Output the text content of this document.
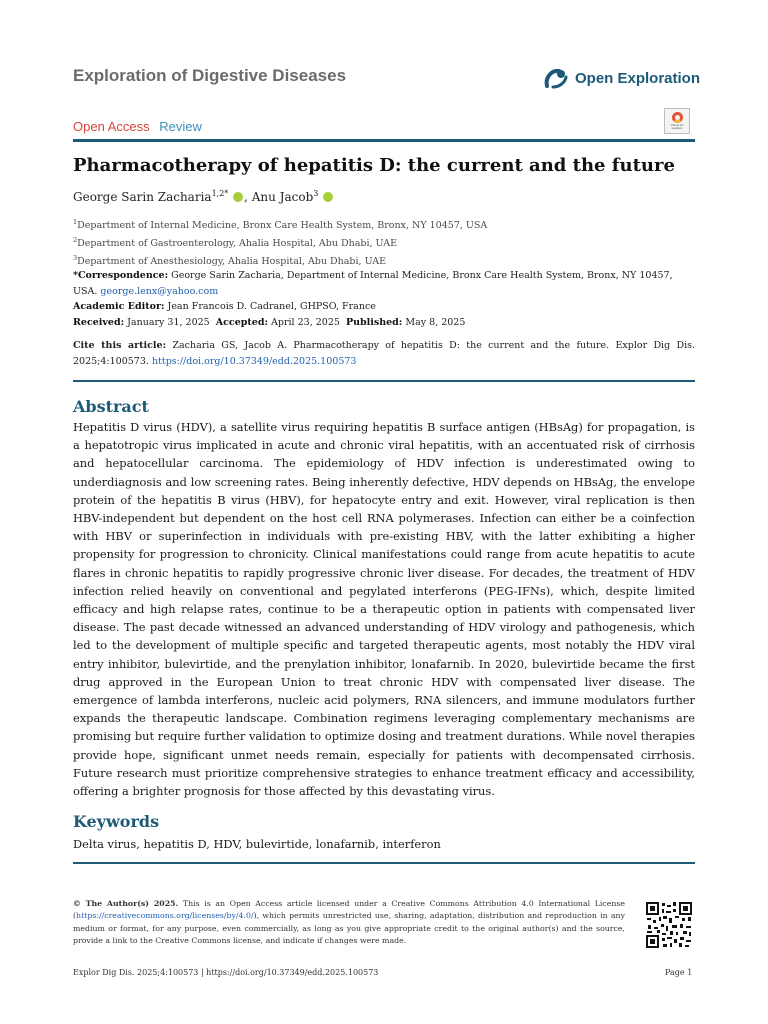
Exploration of Digestive Diseases	Open Exploration
Open Access Review	Check for updates
Pharmacotherapy of hepatitis D: the current and the future
George Sarin Zacharia$^{1,2*}$ , Anu Jacob$^3$
$^1$Department of Internal Medicine, Bronx Care Health System, Bronx, NY 10457, USA
$^2$Department of Gastroenterology, Ahalia Hospital, Abu Dhabi, UAE
$^3$Department of Anesthesiology, Ahalia Hospital, Abu Dhabi, UAE
*Correspondence: George Sarin Zacharia, Department of Internal Medicine, Bronx Care Health System, Bronx, NY 10457, USA. george.lenx@yahoo.com
Academic Editor: Jean Francois D. Cadranel, GHPSO, France
Received: January 31, 2025 Accepted: April 23, 2025 Published: May 8, 2025
Cite this article: Zacharia GS, Jacob A. Pharmacotherapy of hepatitis D: the current and the future. Explor Dig Dis. 2025;4:100573. https://doi.org/10.37349/edd.2025.100573
Abstract
Hepatitis D virus (HDV), a satellite virus requiring hepatitis B surface antigen (HBsAg) for propagation, is a hepatotropic virus implicated in acute and chronic viral hepatitis, with an accentuated risk of cirrhosis and hepatocellular carcinoma. The epidemiology of HDV infection is underestimated owing to underdiagnosis and low screening rates. Being inherently defective, HDV depends on HBsAg, the envelope protein of the hepatitis B virus (HBV), for hepatocyte entry and exit. However, viral replication is then HBV-independent but dependent on the host cell RNA polymerases. Infection can either be a coinfection with HBV or superinfection in individuals with pre-existing HBV, with the latter exhibiting a higher propensity for progression to chronicity. Clinical manifestations could range from acute hepatitis to acute flares in chronic hepatitis to rapidly progressive chronic liver disease. For decades, the treatment of HDV infection relied heavily on conventional and pegylated interferons (PEG-IFNs), which, despite limited efficacy and high relapse rates, continue to be a therapeutic option in patients with compensated liver disease. The past decade witnessed an advanced understanding of HDV virology and pathogenesis, which led to the development of multiple specific and targeted therapeutic agents, most notably the HDV viral entry inhibitor, bulevirtide, and the prenylation inhibitor, lonafarnib. In 2020, bulevirtide became the first drug approved in the European Union to treat chronic HDV with compensated liver disease. The emergence of lambda interferons, nucleic acid polymers, RNA silencers, and immune modulators further expands the therapeutic landscape. Combination regimens leveraging complementary mechanisms are promising but require further validation to optimize dosing and treatment durations. While novel therapies provide hope, significant unmet needs remain, especially for patients with decompensated cirrhosis. Future research must prioritize comprehensive strategies to enhance treatment efficacy and accessibility, offering a brighter prognosis for those affected by this devastating virus.
Keywords
Delta virus, hepatitis D, HDV, bulevirtide, lonafarnib, interferon
© The Author(s) 2025. This is an Open Access article licensed under a Creative Commons Attribution 4.0 International License (https://creativecommons.org/licenses/by/4.0/), which permits unrestricted use, sharing, adaptation, distribution and reproduction in any medium or format, for any purpose, even commercially, as long as you give appropriate credit to the original author(s) and the source, provide a link to the Creative Commons license, and indicate if changes were made.
Explor Dig Dis. 2025;4:100573 | https://doi.org/10.37349/edd.2025.100573	Page 1
